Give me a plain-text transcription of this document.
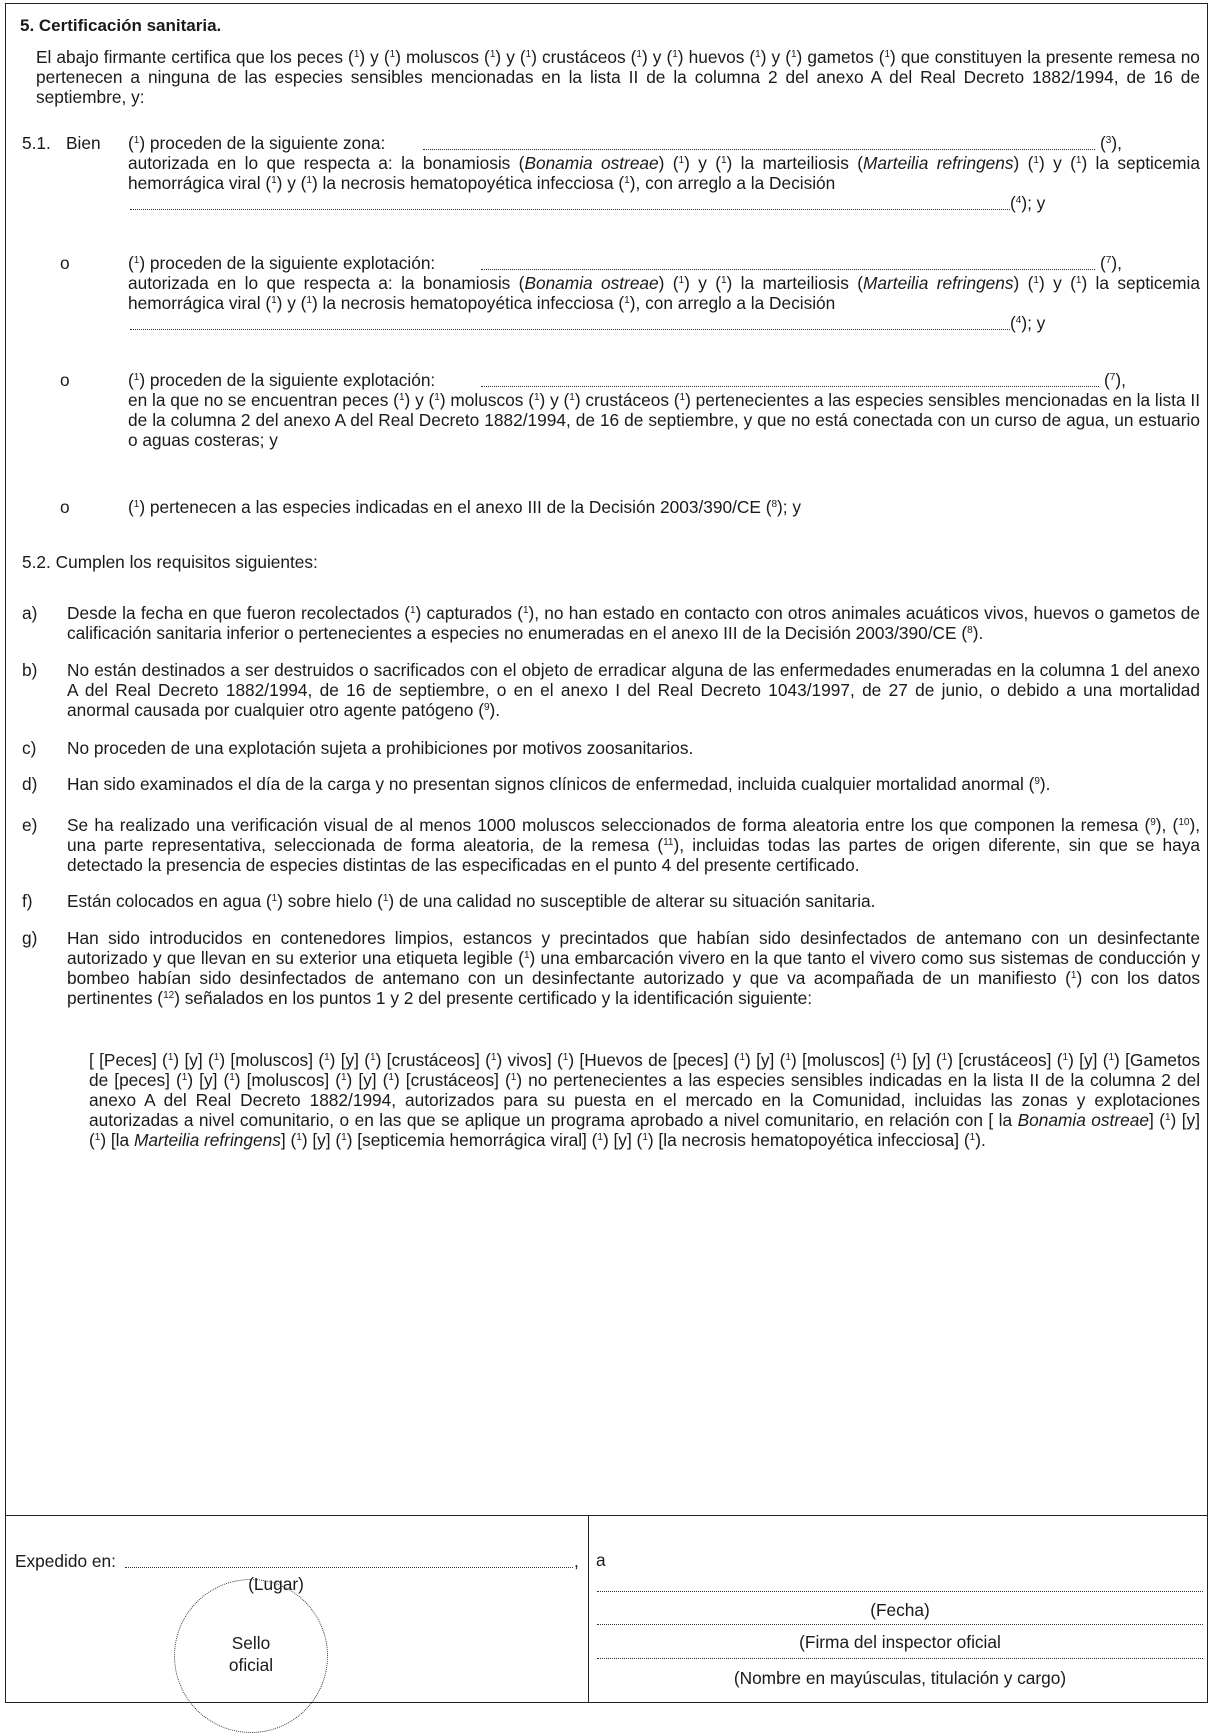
5. Certificación sanitaria.
El abajo firmante certifica que los peces ($^1$) y ($^1$) moluscos ($^1$) y ($^1$) crustáceos ($^1$) y ($^1$) huevos ($^1$) y ($^1$) gametos ($^1$) que constituyen la presente remesa no pertenecen a ninguna de las especies sensibles mencionadas en la lista II de la columna 2 del anexo A del Real Decreto 1882/1994, de 16 de septiembre, y:
5.1. Bien ($^1$) proceden de la siguiente zona:	($^3$),
autorizada en lo que respecta a: la bonamiosis (Bonamia ostreae) ($^1$) y ($^1$) la marteiliosis (Marteilia refringens) ($^1$) y ($^1$) la septicemia hemorrágica viral ($^1$) y ($^1$) la necrosis hematopoyética infecciosa ($^1$), con arreglo a la Decisión
($^4$); y
o	($^1$) proceden de la siguiente explotación:	($^7$),
autorizada en lo que respecta a: la bonamiosis (Bonamia ostreae) ($^1$) y ($^1$) la marteiliosis (Marteilia refringens) ($^1$) y ($^1$) la septicemia hemorrágica viral ($^1$) y ($^1$) la necrosis hematopoyética infecciosa ($^1$), con arreglo a la Decisión
($^4$); y
o	($^1$) proceden de la siguiente explotación:	($^7$),
en la que no se encuentran peces ($^1$) y ($^1$) moluscos ($^1$) y ($^1$) crustáceos ($^1$) pertenecientes a las especies sensibles mencionadas en la lista II de la columna 2 del anexo A del Real Decreto 1882/1994, de 16 de septiembre, y que no está conectada con un curso de agua, un estuario o aguas costeras; y
o	($^1$) pertenecen a las especies indicadas en el anexo III de la Decisión 2003/390/CE ($^8$); y
5.2. Cumplen los requisitos siguientes:
a) Desde la fecha en que fueron recolectados ($^1$) capturados ($^1$), no han estado en contacto con otros animales acuáticos vivos, huevos o gametos de calificación sanitaria inferior o pertenecientes a especies no enumeradas en el anexo III de la Decisión 2003/390/CE ($^8$).
b) No están destinados a ser destruidos o sacrificados con el objeto de erradicar alguna de las enfermedades enumeradas en la columna 1 del anexo A del Real Decreto 1882/1994, de 16 de septiembre, o en el anexo I del Real Decreto 1043/1997, de 27 de junio, o debido a una mortalidad anormal causada por cualquier otro agente patógeno ($^9$).
c) No proceden de una explotación sujeta a prohibiciones por motivos zoosanitarios.
d) Han sido examinados el día de la carga y no presentan signos clínicos de enfermedad, incluida cualquier mortalidad anormal ($^9$).
e) Se ha realizado una verificación visual de al menos 1000 moluscos seleccionados de forma aleatoria entre los que componen la remesa ($^9$), ($^{10}$), una parte representativa, seleccionada de forma aleatoria, de la remesa ($^{11}$), incluidas todas las partes de origen diferente, sin que se haya detectado la presencia de especies distintas de las especificadas en el punto 4 del presente certificado.
f) Están colocados en agua ($^1$) sobre hielo ($^1$) de una calidad no susceptible de alterar su situación sanitaria.
g) Han sido introducidos en contenedores limpios, estancos y precintados que habían sido desinfectados de antemano con un desinfectante autorizado y que llevan en su exterior una etiqueta legible ($^1$) una embarcación vivero en la que tanto el vivero como sus sistemas de conducción y bombeo habían sido desinfectados de antemano con un desinfectante autorizado y que va acompañada de un manifiesto ($^1$) con los datos pertinentes ($^{12}$) señalados en los puntos 1 y 2 del presente certificado y la identificación siguiente:
[ [Peces] ($^1$) [y] ($^1$) [moluscos] ($^1$) [y] ($^1$) [crustáceos] ($^1$) vivos] ($^1$) [Huevos de [peces] ($^1$) [y] ($^1$) [moluscos] ($^1$) [y] ($^1$) [crustáceos] ($^1$) [y] ($^1$) [Gametos de [peces] ($^1$) [y] ($^1$) [moluscos] ($^1$) [y] ($^1$) [crustáceos] ($^1$) no pertenecientes a las especies sensibles indicadas en la lista II de la columna 2 del anexo A del Real Decreto 1882/1994, autorizados para su puesta en el mercado en la Comunidad, incluidas las zonas y explotaciones autorizadas a nivel comunitario, o en las que se aplique un programa aprobado a nivel comunitario, en relación con [ la Bonamia ostreae] ($^1$) [y] ($^1$) [la Marteilia refringens] ($^1$) [y] ($^1$) [septicemia hemorrágica viral] ($^1$) [y] ($^1$) [la necrosis hematopoyética infecciosa] ($^1$).
Expedido en:	,
(Lugar)
Sello
oficial
a
(Fecha)
(Firma del inspector oficial
(Nombre en mayúsculas, titulación y cargo)
